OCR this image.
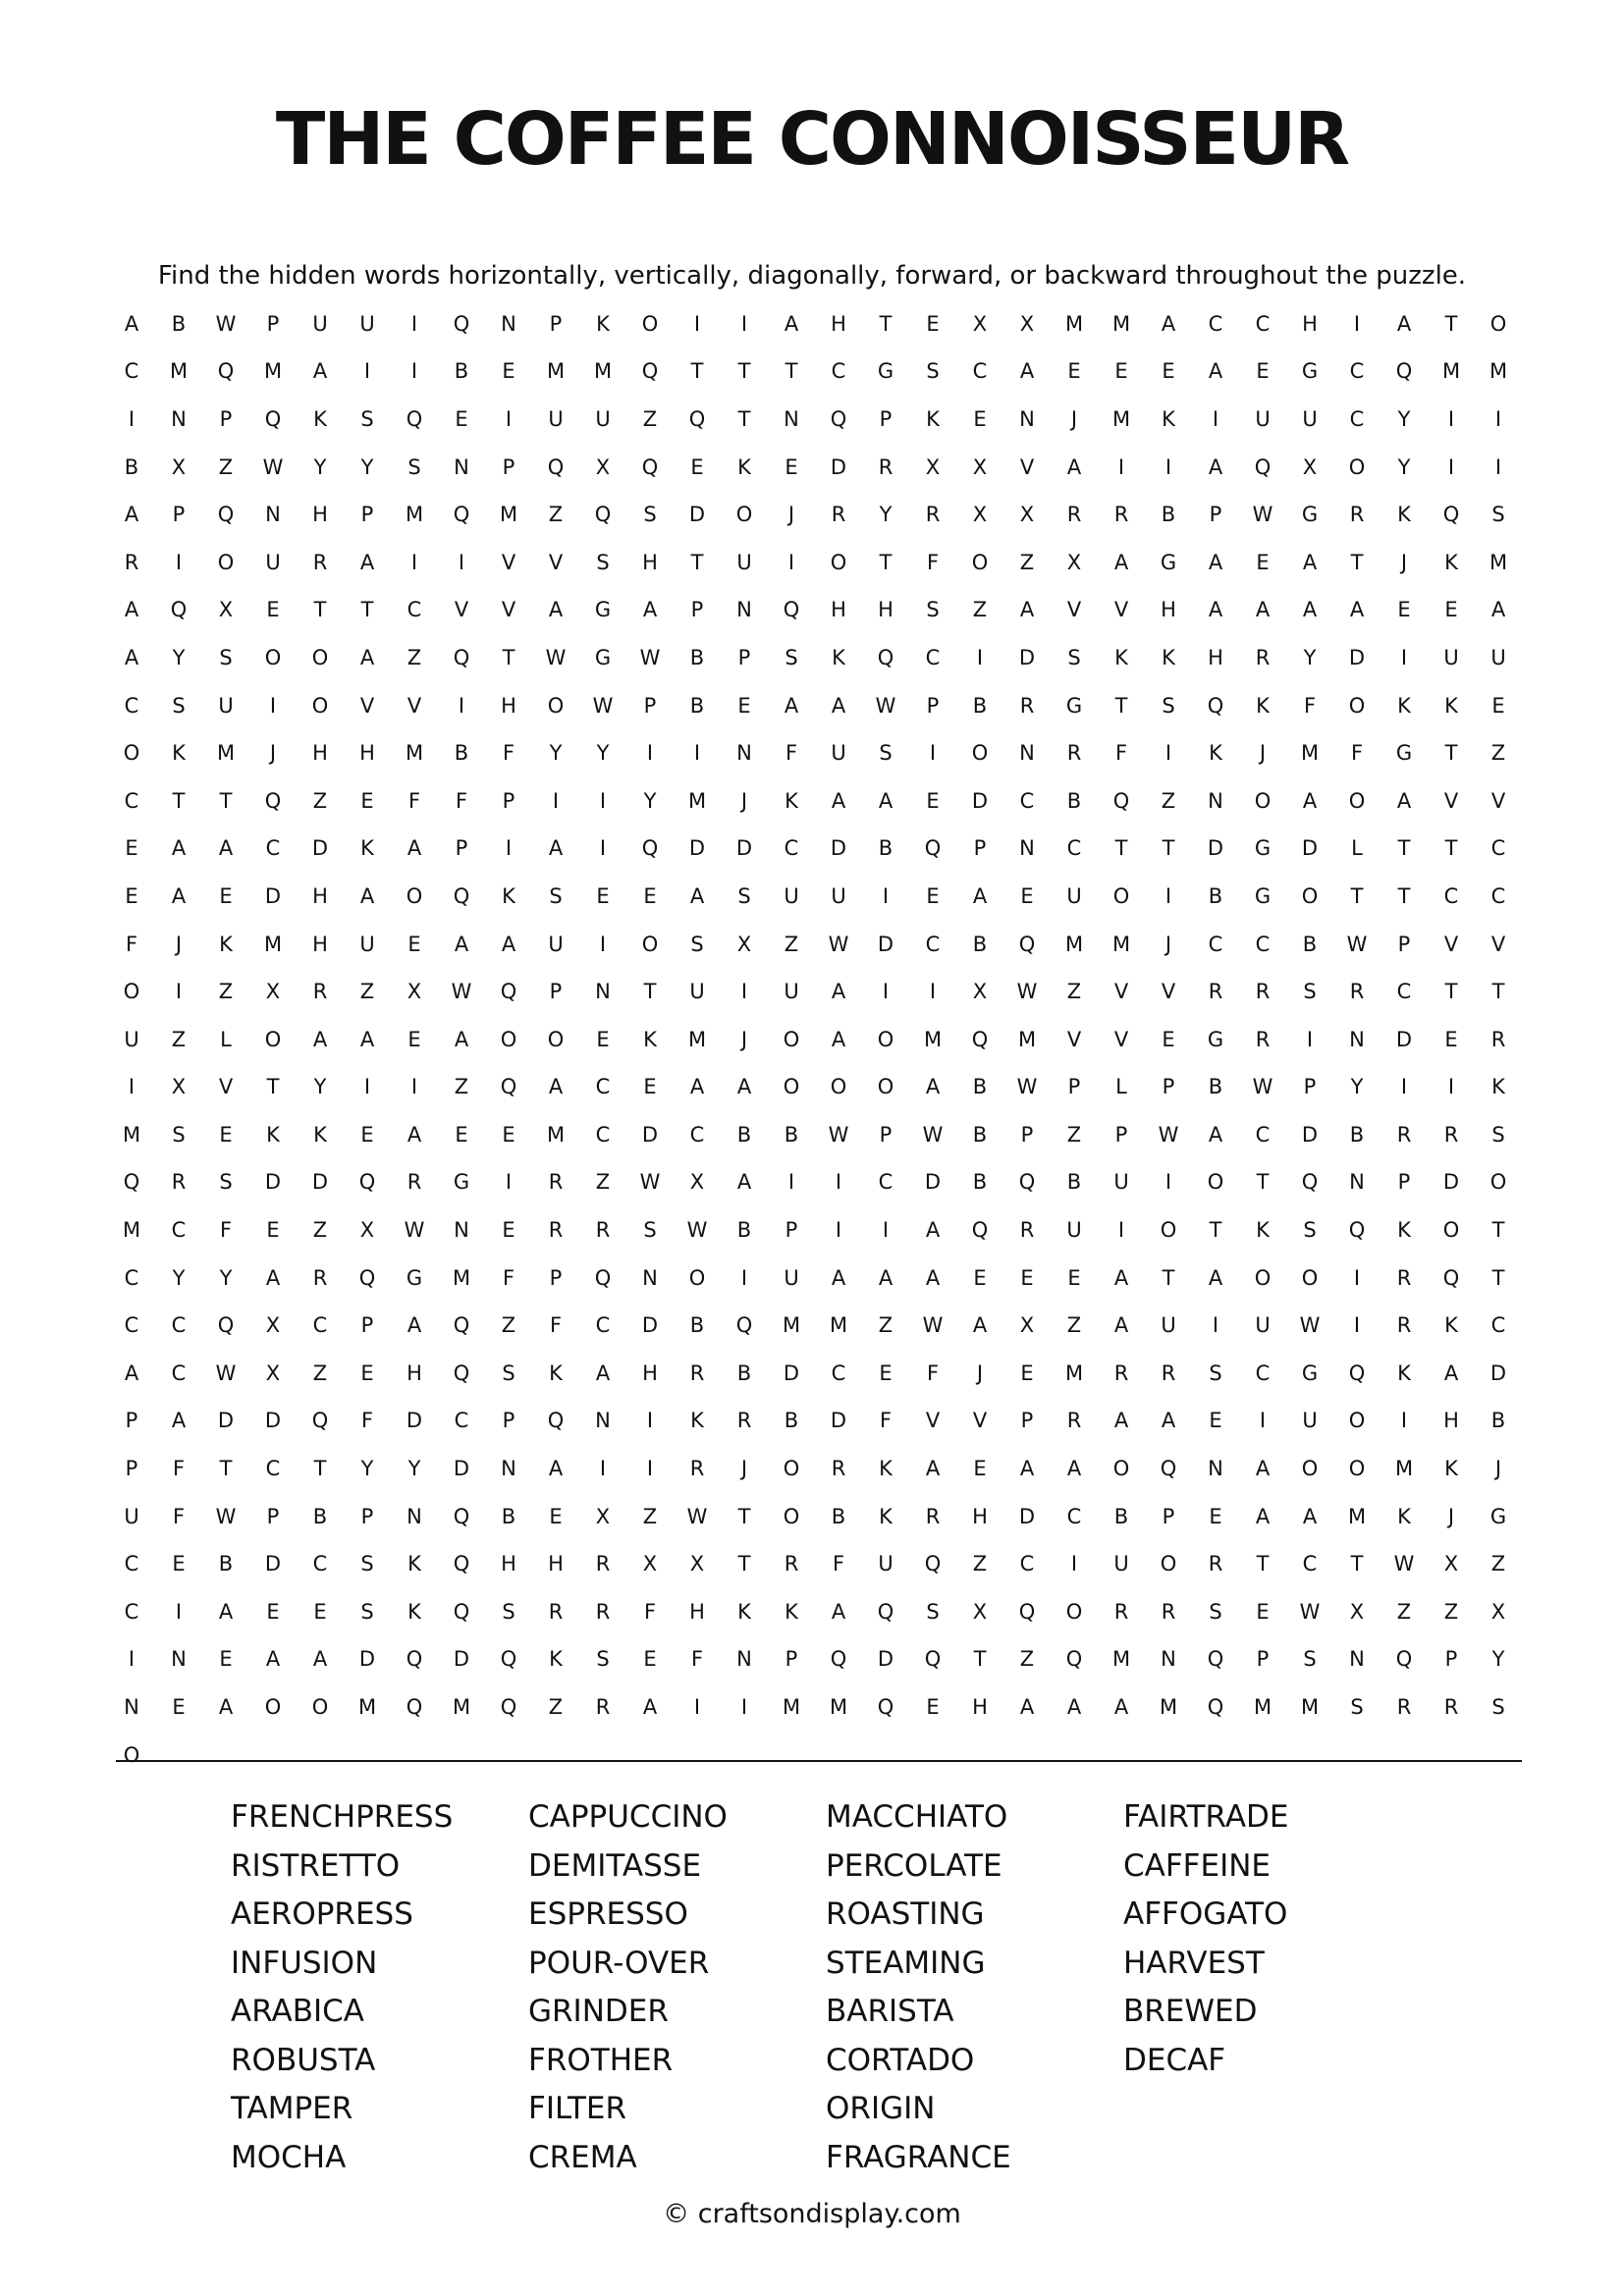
THE COFFEE CONNOISSEUR

Find the hidden words horizontally, vertically, diagonally, forward, or backward throughout the puzzle.

A	B	W	P	U	U	I	Q	N	P	K	O	I	I	A	H	T	E	X	X	M	M	A	C	C	H	I	A	T	O
C	M	Q	M	A	I	I	B	E	M	M	Q	T	T	T	C	G	S	C	A	E	E	E	A	E	G	C	Q	M	M
I	N	P	Q	K	S	Q	E	I	U	U	Z	Q	T	N	Q	P	K	E	N	J	M	K	I	U	U	C	Y	I	I
B	X	Z	W	Y	Y	S	N	P	Q	X	Q	E	K	E	D	R	X	X	V	A	I	I	A	Q	X	O	Y	I	I
A	P	Q	N	H	P	M	Q	M	Z	Q	S	D	O	J	R	Y	R	X	X	R	R	B	P	W	G	R	K	Q	S
R	I	O	U	R	A	I	I	V	V	S	H	T	U	I	O	T	F	O	Z	X	A	G	A	E	A	T	J	K	M
A	Q	X	E	T	T	C	V	V	A	G	A	P	N	Q	H	H	S	Z	A	V	V	H	A	A	A	A	E	E	A
A	Y	S	O	O	A	Z	Q	T	W	G	W	B	P	S	K	Q	C	I	D	S	K	K	H	R	Y	D	I	U	U
C	S	U	I	O	V	V	I	H	O	W	P	B	E	A	A	W	P	B	R	G	T	S	Q	K	F	O	K	K	E
O	K	M	J	H	H	M	B	F	Y	Y	I	I	N	F	U	S	I	O	N	R	F	I	K	J	M	F	G	T	Z
C	T	T	Q	Z	E	F	F	P	I	I	Y	M	J	K	A	A	E	D	C	B	Q	Z	N	O	A	O	A	V	V
E	A	A	C	D	K	A	P	I	A	I	Q	D	D	C	D	B	Q	P	N	C	T	T	D	G	D	L	T	T	C
E	A	E	D	H	A	O	Q	K	S	E	E	A	S	U	U	I	E	A	E	U	O	I	B	G	O	T	T	C	C
F	J	K	M	H	U	E	A	A	U	I	O	S	X	Z	W	D	C	B	Q	M	M	J	C	C	B	W	P	V	V
O	I	Z	X	R	Z	X	W	Q	P	N	T	U	I	U	A	I	I	X	W	Z	V	V	R	R	S	R	C	T	T
U	Z	L	O	A	A	E	A	O	O	E	K	M	J	O	A	O	M	Q	M	V	V	E	G	R	I	N	D	E	R
I	X	V	T	Y	I	I	Z	Q	A	C	E	A	A	O	O	O	A	B	W	P	L	P	B	W	P	Y	I	I	K
M	S	E	K	K	E	A	E	E	M	C	D	C	B	B	W	P	W	B	P	Z	P	W	A	C	D	B	R	R	S
Q	R	S	D	D	Q	R	G	I	R	Z	W	X	A	I	I	C	D	B	Q	B	U	I	O	T	Q	N	P	D	O
M	C	F	E	Z	X	W	N	E	R	R	S	W	B	P	I	I	A	Q	R	U	I	O	T	K	S	Q	K	O	T
C	Y	Y	A	R	Q	G	M	F	P	Q	N	O	I	U	A	A	A	E	E	E	A	T	A	O	O	I	R	Q	T
C	C	Q	X	C	P	A	Q	Z	F	C	D	B	Q	M	M	Z	W	A	X	Z	A	U	I	U	W	I	R	K	C
A	C	W	X	Z	E	H	Q	S	K	A	H	R	B	D	C	E	F	J	E	M	R	R	S	C	G	Q	K	A	D
P	A	D	D	Q	F	D	C	P	Q	N	I	K	R	B	D	F	V	V	P	R	A	A	E	I	U	O	I	H	B
P	F	T	C	T	Y	Y	D	N	A	I	I	R	J	O	R	K	A	E	A	A	O	Q	N	A	O	O	M	K	J
U	F	W	P	B	P	N	Q	B	E	X	Z	W	T	O	B	K	R	H	D	C	B	P	E	A	A	M	K	J	G
C	E	B	D	C	S	K	Q	H	H	R	X	X	T	R	F	U	Q	Z	C	I	U	O	R	T	C	T	W	X	Z
C	I	A	E	E	S	K	Q	S	R	R	F	H	K	K	A	Q	S	X	Q	O	R	R	S	E	W	X	Z	Z	X
I	N	E	A	A	D	Q	D	Q	K	S	E	F	N	P	Q	D	Q	T	Z	Q	M	N	Q	P	S	N	Q	P	Y
N	E	A	O	O	M	Q	M	Q	Z	R	A	I	I	M	M	Q	E	H	A	A	A	M	Q	M	M	S	R	R	S
O
FRENCHPRESS
RISTRETTO
AEROPRESS
INFUSION
ARABICA
ROBUSTA
TAMPER
MOCHA
CAPPUCCINO
DEMITASSE
ESPRESSO
POUR-OVER
GRINDER
FROTHER
FILTER
CREMA
MACCHIATO
PERCOLATE
ROASTING
STEAMING
BARISTA
CORTADO
ORIGIN
FRAGRANCE
FAIRTRADE
CAFFEINE
AFFOGATO
HARVEST
BREWED
DECAF
© craftsondisplay.com
